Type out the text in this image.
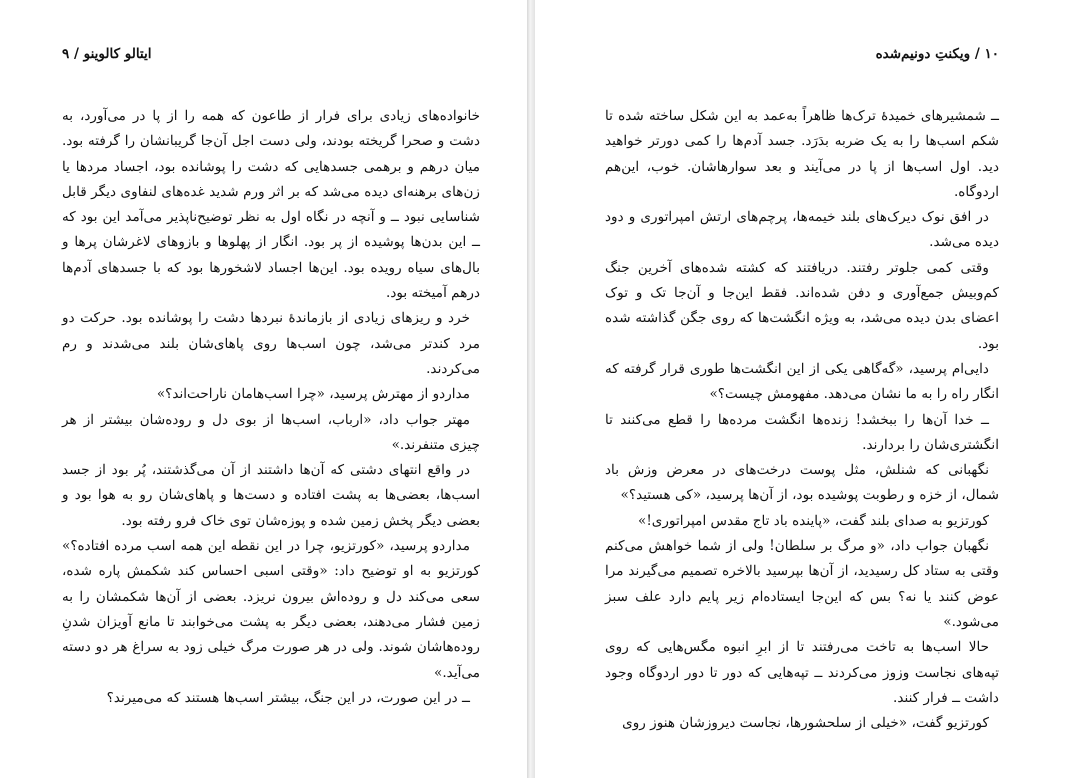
ایتالو کالوینو / ۹

خانواده‌های زیادی برای فرار از طاعون که همه را از پا در می‌آورد، به دشت و صحرا گریخته بودند، ولی دست اجل آن‌جا گریبانشان را گرفته بود. میان درهم و برهمی جسدهایی که دشت را پوشانده بود، اجساد مردها یا زن‌های برهنه‌ای دیده می‌شد که بر اثر ورم شدید غده‌های لنفاوی دیگر قابل شناسایی نبود ــ و آنچه در نگاه اول به نظر توضیح‌ناپذیر می‌آمد این بود که ــ این بدن‌ها پوشیده از پر بود. انگار از پهلوها و بازوهای لاغرشان پرها و بال‌های سیاه رویده بود. این‌ها اجساد لاشخورها بود که با جسدهای آدم‌ها درهم آمیخته بود.

خرد و ریزهای زیادی از بازماندهٔ نبردها دشت را پوشانده بود. حرکت دو مرد کندتر می‌شد، چون اسب‌ها روی پاهای‌شان بلند می‌شدند و رم می‌کردند.

مداردو از مهترش پرسید، «چرا اسب‌هامان ناراحت‌اند؟»

مهتر جواب داد، «ارباب، اسب‌ها از بوی دل و روده‌شان بیشتر از هر چیزی متنفرند.»

در واقع انتهای دشتی که آن‌ها داشتند از آن می‌گذشتند، پُر بود از جسد اسب‌ها، بعضی‌ها به پشت افتاده و دست‌ها و پاهای‌شان رو به هوا بود و بعضی دیگر پخش زمین شده و پوزه‌شان توی خاک فرو رفته بود.

مداردو پرسید، «کورتزیو، چرا در این نقطه این همه اسب مرده افتاده؟» کورتزیو به او توضیح داد: «وقتی اسبی احساس کند شکمش پاره شده، سعی می‌کند دل و روده‌اش بیرون نریزد. بعضی از آن‌ها شکمشان را به زمین فشار می‌دهند، بعضی دیگر به پشت می‌خوابند تا مانع آویزان شدنِ روده‌هاشان شوند. ولی در هر صورت مرگ خیلی زود به سراغ هر دو دسته می‌آید.»

ــ در این صورت، در این جنگ، بیشتر اسب‌ها هستند که می‌میرند؟

۱۰ / ویکنتِ دونیم‌شده

ــ شمشیرهای خمیدهٔ ترک‌ها ظاهراً به‌عمد به این شکل ساخته شده تا شکم اسب‌ها را به یک ضربه بدَرَد. جسد آدم‌ها را کمی دورتر خواهید دید. اول اسب‌ها از پا در می‌آیند و بعد سوارهاشان. خوب، این‌هم اردوگاه.

در افق نوک دیرک‌های بلند خیمه‌ها، پرچم‌های ارتش امپراتوری و دود دیده می‌شد.

وقتی کمی جلوتر رفتند. دریافتند که کشته شده‌های آخرین جنگ کم‌وبیش جمع‌آوری و دفن شده‌اند. فقط این‌جا و آن‌جا تک و توک اعضای بدن دیده می‌شد، به ویژه انگشت‌ها که روی جگن گذاشته شده بود.

دایی‌ام پرسید، «گه‌گاهی یکی از این انگشت‌ها طوری قرار گرفته که انگار راه را به ما نشان می‌دهد. مفهومش چیست؟»

ــ خدا آن‌ها را ببخشد! زنده‌ها انگشت مرده‌ها را قطع می‌کنند تا انگشتری‌شان را بردارند.

نگهبانی که شنلش، مثل پوست درخت‌های در معرض وزش باد شمال، از خزه و رطوبت پوشیده بود، از آن‌ها پرسید، «کی هستید؟»

کورتزیو به صدای بلند گفت، «پاینده باد تاج مقدس امپراتوری!»

نگهبان جواب داد، «و مرگ بر سلطان! ولی از شما خواهش می‌کنم وقتی به ستاد کل رسیدید، از آن‌ها بپرسید بالاخره تصمیم می‌گیرند مرا عوض کنند یا نه؟ بس که این‌جا ایستاده‌ام زیر پایم دارد علف سبز می‌شود.»

حالا اسب‌ها به تاخت می‌رفتند تا از ابرِ انبوه مگس‌هایی که روی تپه‌های نجاست وزوز می‌کردند ــ تپه‌هایی که دور تا دور اردوگاه وجود داشت ــ فرار کنند.

کورتزیو گفت، «خیلی از سلحشورها، نجاست دیروزشان هنوز روی
